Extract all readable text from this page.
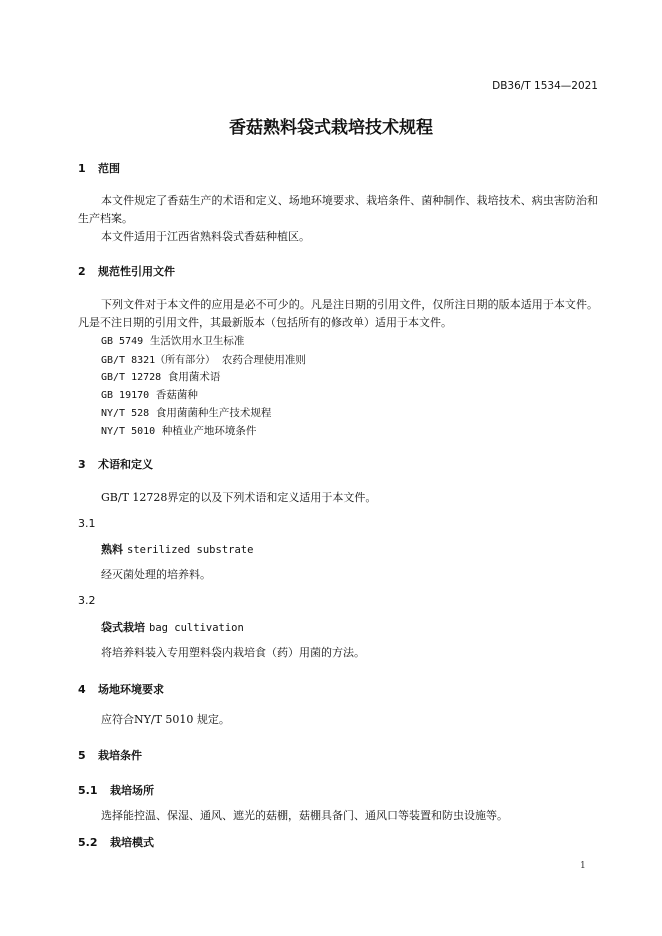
DB36/T 1534—2021
香菇熟料袋式栽培技术规程
1 范围
本文件规定了香菇生产的术语和定义、场地环境要求、栽培条件、菌种制作、栽培技术、病虫害防治和生产档案。
本文件适用于江西省熟料袋式香菇种植区。
2 规范性引用文件
下列文件对于本文件的应用是必不可少的。凡是注日期的引用文件，仅所注日期的版本适用于本文件。凡是不注日期的引用文件，其最新版本（包括所有的修改单）适用于本文件。
GB 5749 生活饮用水卫生标准
GB/T 8321（所有部分） 农药合理使用准则
GB/T 12728 食用菌术语
GB 19170 香菇菌种
NY/T 528 食用菌菌种生产技术规程
NY/T 5010 种植业产地环境条件
3 术语和定义
GB/T 12728界定的以及下列术语和定义适用于本文件。
3.1
熟料 sterilized substrate
经灭菌处理的培养料。
3.2
袋式栽培 bag cultivation
将培养料装入专用塑料袋内栽培食（药）用菌的方法。
4 场地环境要求
应符合NY/T 5010 规定。
5 栽培条件
5.1 栽培场所
选择能控温、保湿、通风、遮光的菇棚，菇棚具备门、通风口等装置和防虫设施等。
5.2 栽培模式
1
